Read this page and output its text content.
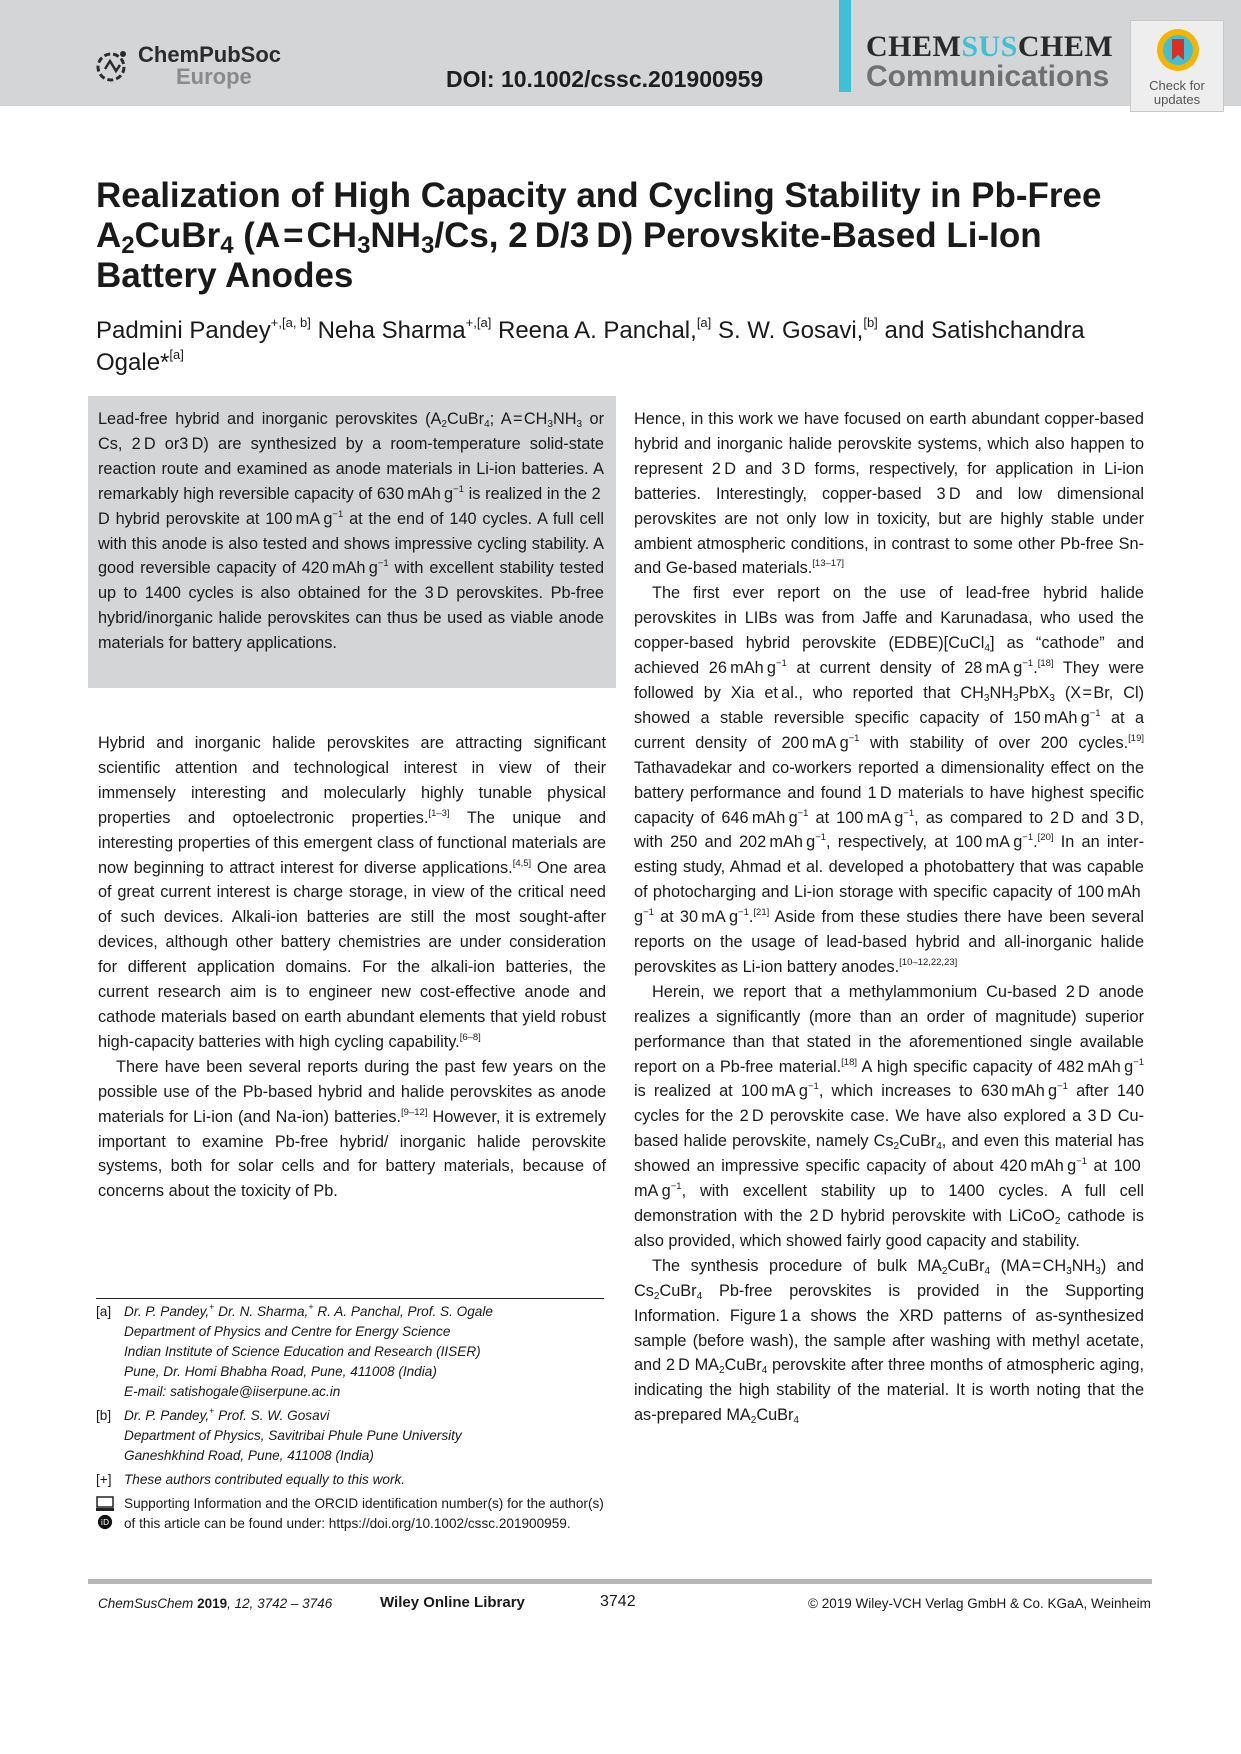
ChemPubSoc
Europe	DOI: 10.1002/cssc.201900959
CHEMSUSCHEM
Communications	Check for
updates
Realization of High Capacity and Cycling Stability in Pb-Free $A_2CuBr_4$ (A = $CH_3NH_3/Cs$, 2 D/3 D) Perovskite-Based Li-Ion Battery Anodes
Padmini Pandey$^{+,[a, b]}$ Neha Sharma$^{+,[a]}$ Reena A. Panchal,[a] S. W. Gosavi,[b] and Satishchandra Ogale*[a]

Lead-free hybrid and inorganic perovskites ($A_2CuBr_4$; A = $CH_3NH_3$ or Cs, 2 D or3 D) are synthesized by a room-temperature solid-state reaction route and examined as anode materials in Li-ion batteries. A remarkably high reversible capacity of 630 mAh $g^{-1}$ is realized in the 2 D hybrid perovskite at 100 mA $g^{-1}$ at the end of 140 cycles. A full cell with this anode is also tested and shows impressive cycling stability. A good reversible capacity of 420 mAh $g^{-1}$ with excellent stability tested up to 1400 cycles is also obtained for the 3 D perovskites. Pb-free hybrid/inorganic halide perovskites can thus be used as viable anode materials for battery applications.

Hybrid and inorganic halide perovskites are attracting significant scientific attention and technological interest in view of their immensely interesting and molecularly highly tunable physical properties and optoelectronic properties.[1–3] The unique and interesting properties of this emergent class of functional materials are now beginning to attract interest for diverse applications.[4,5] One area of great current interest is charge storage, in view of the critical need of such devices. Alkali-ion batteries are still the most sought-after devices, although other battery chemistries are under consideration for different application domains. For the alkali-ion batteries, the current research aim is to engineer new cost-effective anode and cathode materials based on earth abundant elements that yield robust high-capacity batteries with high cycling capability.[6–8]

There have been several reports during the past few years on the possible use of the Pb-based hybrid and halide perovskites as anode materials for Li-ion (and Na-ion) batteries.[9–12] However, it is extremely important to examine Pb-free hybrid/ inorganic halide perovskite systems, both for solar cells and for battery materials, because of concerns about the toxicity of Pb.

Hence, in this work we have focused on earth abundant copper-based hybrid and inorganic halide perovskite systems, which also happen to represent 2 D and 3 D forms, respectively, for application in Li-ion batteries. Interestingly, copper-based 3 D and low dimensional perovskites are not only low in toxicity, but are highly stable under ambient atmospheric conditions, in contrast to some other Pb-free Sn- and Ge-based materials.[13–17]

The first ever report on the use of lead-free hybrid halide perovskites in LIBs was from Jaffe and Karunadasa, who used the copper-based hybrid perovskite (EDBE)[CuCl$_4$] as “cathode” and achieved 26 mAh $g^{-1}$ at current density of 28 mA $g^{-1}.[18]$ They were followed by Xia et al., who reported that $CH_3NH_3PbX_3$ (X = Br, Cl) showed a stable reversible specific capacity of 150 mAh $g^{-1}$ at a current density of 200 mA $g^{-1}$ with stability of over 200 cycles.[19] Tathavadekar and co-workers reported a dimensionality effect on the battery performance and found 1 D materials to have highest specific capacity of 646 mAh $g^{-1}$ at 100 mA $g^{-1}$, as compared to 2 D and 3 D, with 250 and 202 mAh $g^{-1}$, respectively, at 100 mA $g^{-1}.[20]$ In an interesting study, Ahmad et al. developed a photobattery that was capable of photocharging and Li-ion storage with specific capacity of 100 mAh $g^{-1}$ at 30 mA $g^{-1}.[21]$ Aside from these studies there have been several reports on the usage of lead-based hybrid and all-inorganic halide perovskites as Li-ion battery anodes.[10–12,22,23]

Herein, we report that a methylammonium Cu-based 2 D anode realizes a significantly (more than an order of magnitude) superior performance than that stated in the aforementioned single available report on a Pb-free material.[18] A high specific capacity of 482 mAh $g^{-1}$ is realized at 100 mA $g^{-1}$, which increases to 630 mAh $g^{-1}$ after 140 cycles for the 2 D perovskite case. We have also explored a 3 D Cu-based halide perovskite, namely $Cs_2CuBr_4$, and even this material has showed an impressive specific capacity of about 420 mAh $g^{-1}$ at 100 mA $g^{-1}$, with excellent stability up to 1400 cycles. A full cell demonstration with the 2 D hybrid perovskite with LiCoO$_2$ cathode is also provided, which showed fairly good capacity and stability.

The synthesis procedure of bulk $MA_2CuBr_4$ (MA = $CH_3NH_3$) and $Cs_2CuBr_4$ Pb-free perovskites is provided in the Supporting Information. Figure 1 a shows the XRD patterns of as-synthesized sample (before wash), the sample after washing with methyl acetate, and 2 D $MA_2CuBr_4$ perovskite after three months of atmospheric aging, indicating the high stability of the material. It is worth noting that the as-prepared $MA_2CuBr_4$

[a] Dr. P. Pandey,+ Dr. N. Sharma,+ R. A. Panchal, Prof. S. Ogale
Department of Physics and Centre for Energy Science
Indian Institute of Science Education and Research (IISER)
Pune, Dr. Homi Bhabha Road, Pune, 411008 (India)
E-mail: satishogale@iiserpune.ac.in
[b] Dr. P. Pandey,+ Prof. S. W. Gosavi
Department of Physics, Savitribai Phule Pune University
Ganeshkhind Road, Pune, 411008 (India)
[+] These authors contributed equally to this work.
iD
Supporting Information and the ORCID identification number(s) for the author(s) of this article can be found under: https://doi.org/10.1002/cssc.201900959.
ChemSusChem 2019, 12, 3742 – 3746	Wiley Online Library	3742	© 2019 Wiley-VCH Verlag GmbH & Co. KGaA, Weinheim
